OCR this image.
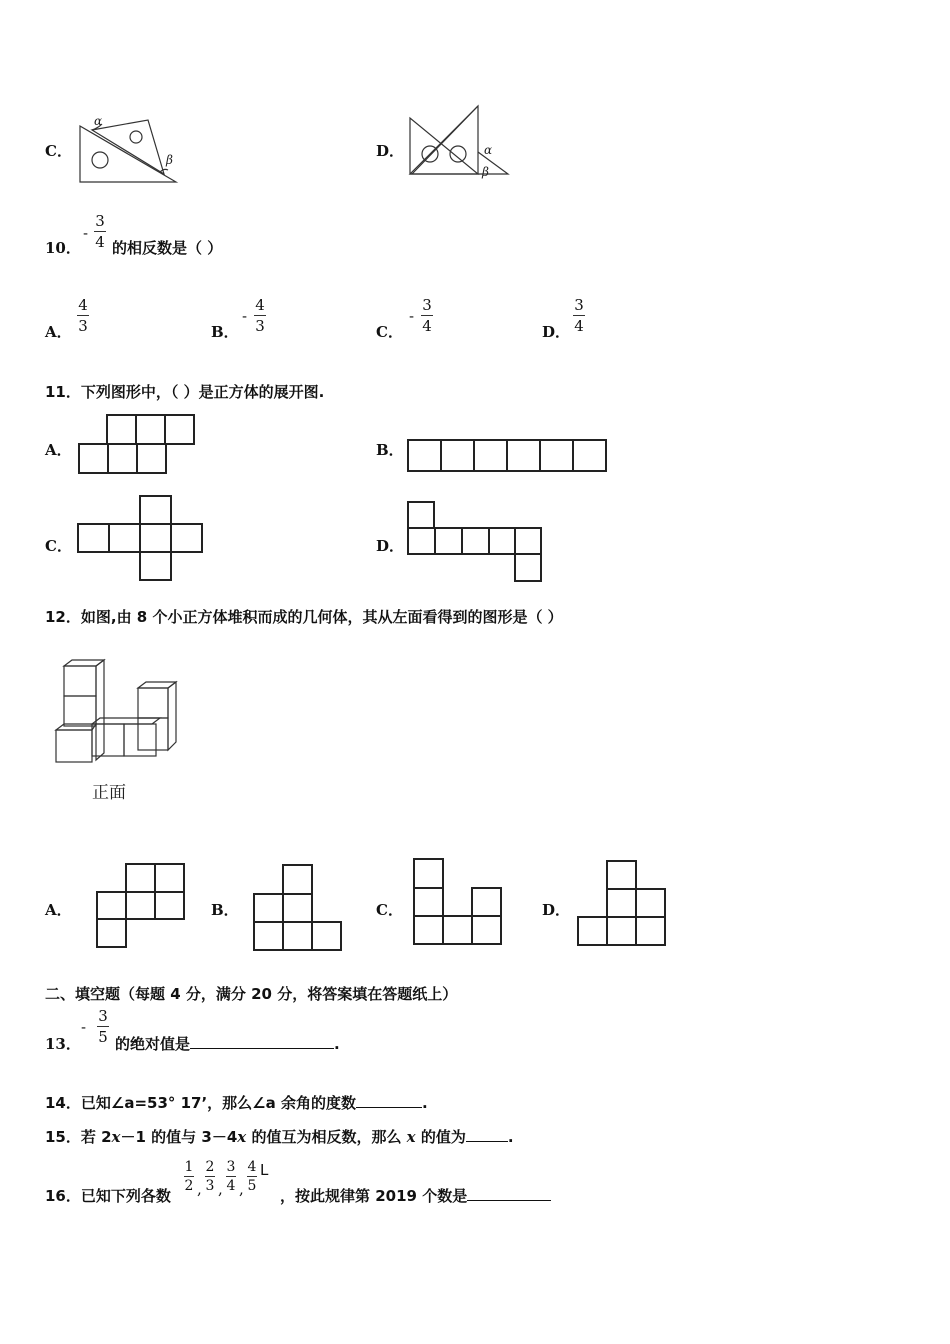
C．
α
β	D．	α
β
10．
-
3
4 的相反数是（ ）
A．
4
3	B．
-
4
3	C．
-
3
4	D．
3
4
11．下列图形中，（ ）是正方体的展开图.
A．	B．
C．	D．
12．如图,由 8 个小正方体堆积而成的几何体，其从左面看得到的图形是（ ）
正面
A．	B．	C．	D．
二、填空题（每题 4 分，满分 20 分，将答案填在答题纸上）
13．
-
3
5 的绝对值是	.
14．已知∠a=53° 17’，那么∠a 余角的度数	.
15．若 2x－1 的值与 3－4x 的值互为相反数，那么 x 的值为	.
16．已知下列各数
1
2 ,
2
3 ,
3
4 ,
4
5
L
，按此规律第 2019 个数是
